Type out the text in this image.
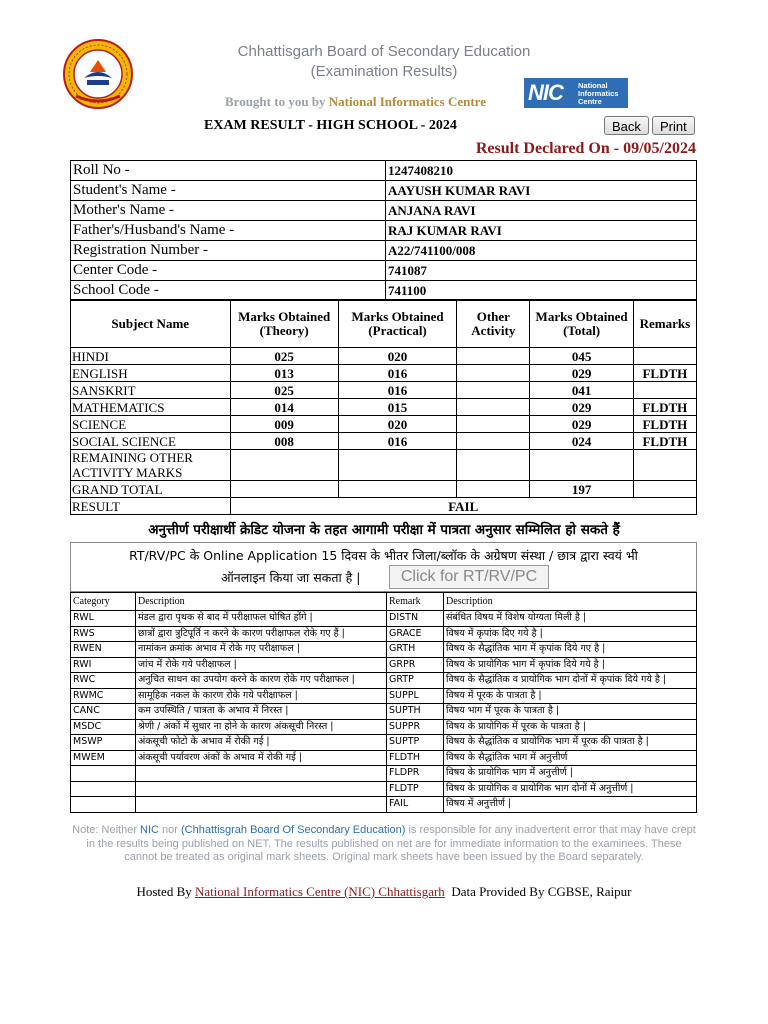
Chhattisgarh Board of Secondary Education
(Examination Results)
Brought to you by National Informatics Centre NIC National Informatics Centre
EXAM RESULT - HIGH SCHOOL - 2024	Back	Print
Result Declared On - 09/05/2024
Roll No -	1247408210
Student's Name -	AAYUSH KUMAR RAVI
Mother's Name -	ANJANA RAVI
Father's/Husband's Name -	RAJ KUMAR RAVI
Registration Number -	A22/741100/008
Center Code -	741087
School Code -	741100
Subject Name	Marks Obtained (Theory)	Marks Obtained (Practical)	Other Activity	Marks Obtained (Total)	Remarks
HINDI	025	020		045	
ENGLISH	013	016		029	FLDTH
SANSKRIT	025	016		041	
MATHEMATICS	014	015		029	FLDTH
SCIENCE	009	020		029	FLDTH
SOCIAL SCIENCE	008	016		024	FLDTH
REMAINING OTHER ACTIVITY MARKS					
GRAND TOTAL				197	
RESULT	FAIL				
अनुत्तीर्ण परीक्षार्थी क्रेडिट योजना के तहत आगामी परीक्षा में पात्रता अनुसार सम्मिलित हो सकते हैं
RT/RV/PC के Online Application 15 दिवस के भीतर जिला/ब्लॉक के अग्रेषण संस्था / छात्र द्वारा स्वयं भी
ऑनलाइन किया जा सकता है |	Click for RT/RV/PC
Category	Description	Remark	Description
RWL	मंडल द्वारा पृथक से बाद में परीक्षाफल घोषित होंगे |	DISTN	संबंधित विषय में विशेष योग्यता मिली है |
RWS	छात्रों द्वारा त्रुटिपूर्ति न करने के कारण परीक्षाफल रोके गए हैं |	GRACE	विषय में कृपांक दिए गये है |
RWEN	नामांकन क्रमांक अभाव में रोके गए परीक्षाफल |	GRTH	विषय के सैद्धांतिक भाग में कृपांक दिये गए है |
RWI	जांच में रोके गये परीक्षाफल |	GRPR	विषय के प्रायोगिक भाग में कृपांक दिये गये है |
RWC	अनुचित साधन का उपयोग करने के कारण रोके गए परीक्षाफल |	GRTP	विषय के सैद्धांतिक व प्रायोगिक भाग दोनों में कृपांक दिये गये है |
RWMC	सामूहिक नकल के कारण रोके गये परीक्षाफल |	SUPPL	विषय में पूरक के पात्रता है |
CANC	कम उपस्थिति / पात्रता के अभाव में निरस्त |	SUPTH	विषय भाग में पूरक के पात्रता है |
MSDC	श्रेणी / अंकों में सुधार ना होने के कारण अंकसूची निरस्त |	SUPPR	विषय के प्रायोगिक में पूरक के पात्रता है |
MSWP	अंकसूची फोटो के अभाव में रोकी गई |	SUPTP	विषय के सैद्धांतिक व प्रायोगिक भाग में पूरक की पात्रता है |
MWEM	अंकसूची पर्यावरण अंकों के अभाव में रोकी गई |	FLDTH	विषय के सैद्धांतिक भाग में अनुत्तीर्ण
		FLDPR	विषय के प्रायोगिक भाग में अनुत्तीर्ण |
		FLDTP	विषय के प्रायोगिक व प्रायोगिक भाग दोनों में अनुत्तीर्ण |
		FAIL	विषय में अनुत्तीर्ण |
Note: Neither NIC nor (Chhattisgrah Board Of Secondary Education) is responsible for any inadvertent error that may have crept in the results being published on NET. The results published on net are for immediate information to the examinees. These cannot be treated as original mark sheets. Original mark sheets have been issued by the Board separately.
Hosted By National Informatics Centre (NIC) Chhattisgarh Data Provided By CGBSE, Raipur
